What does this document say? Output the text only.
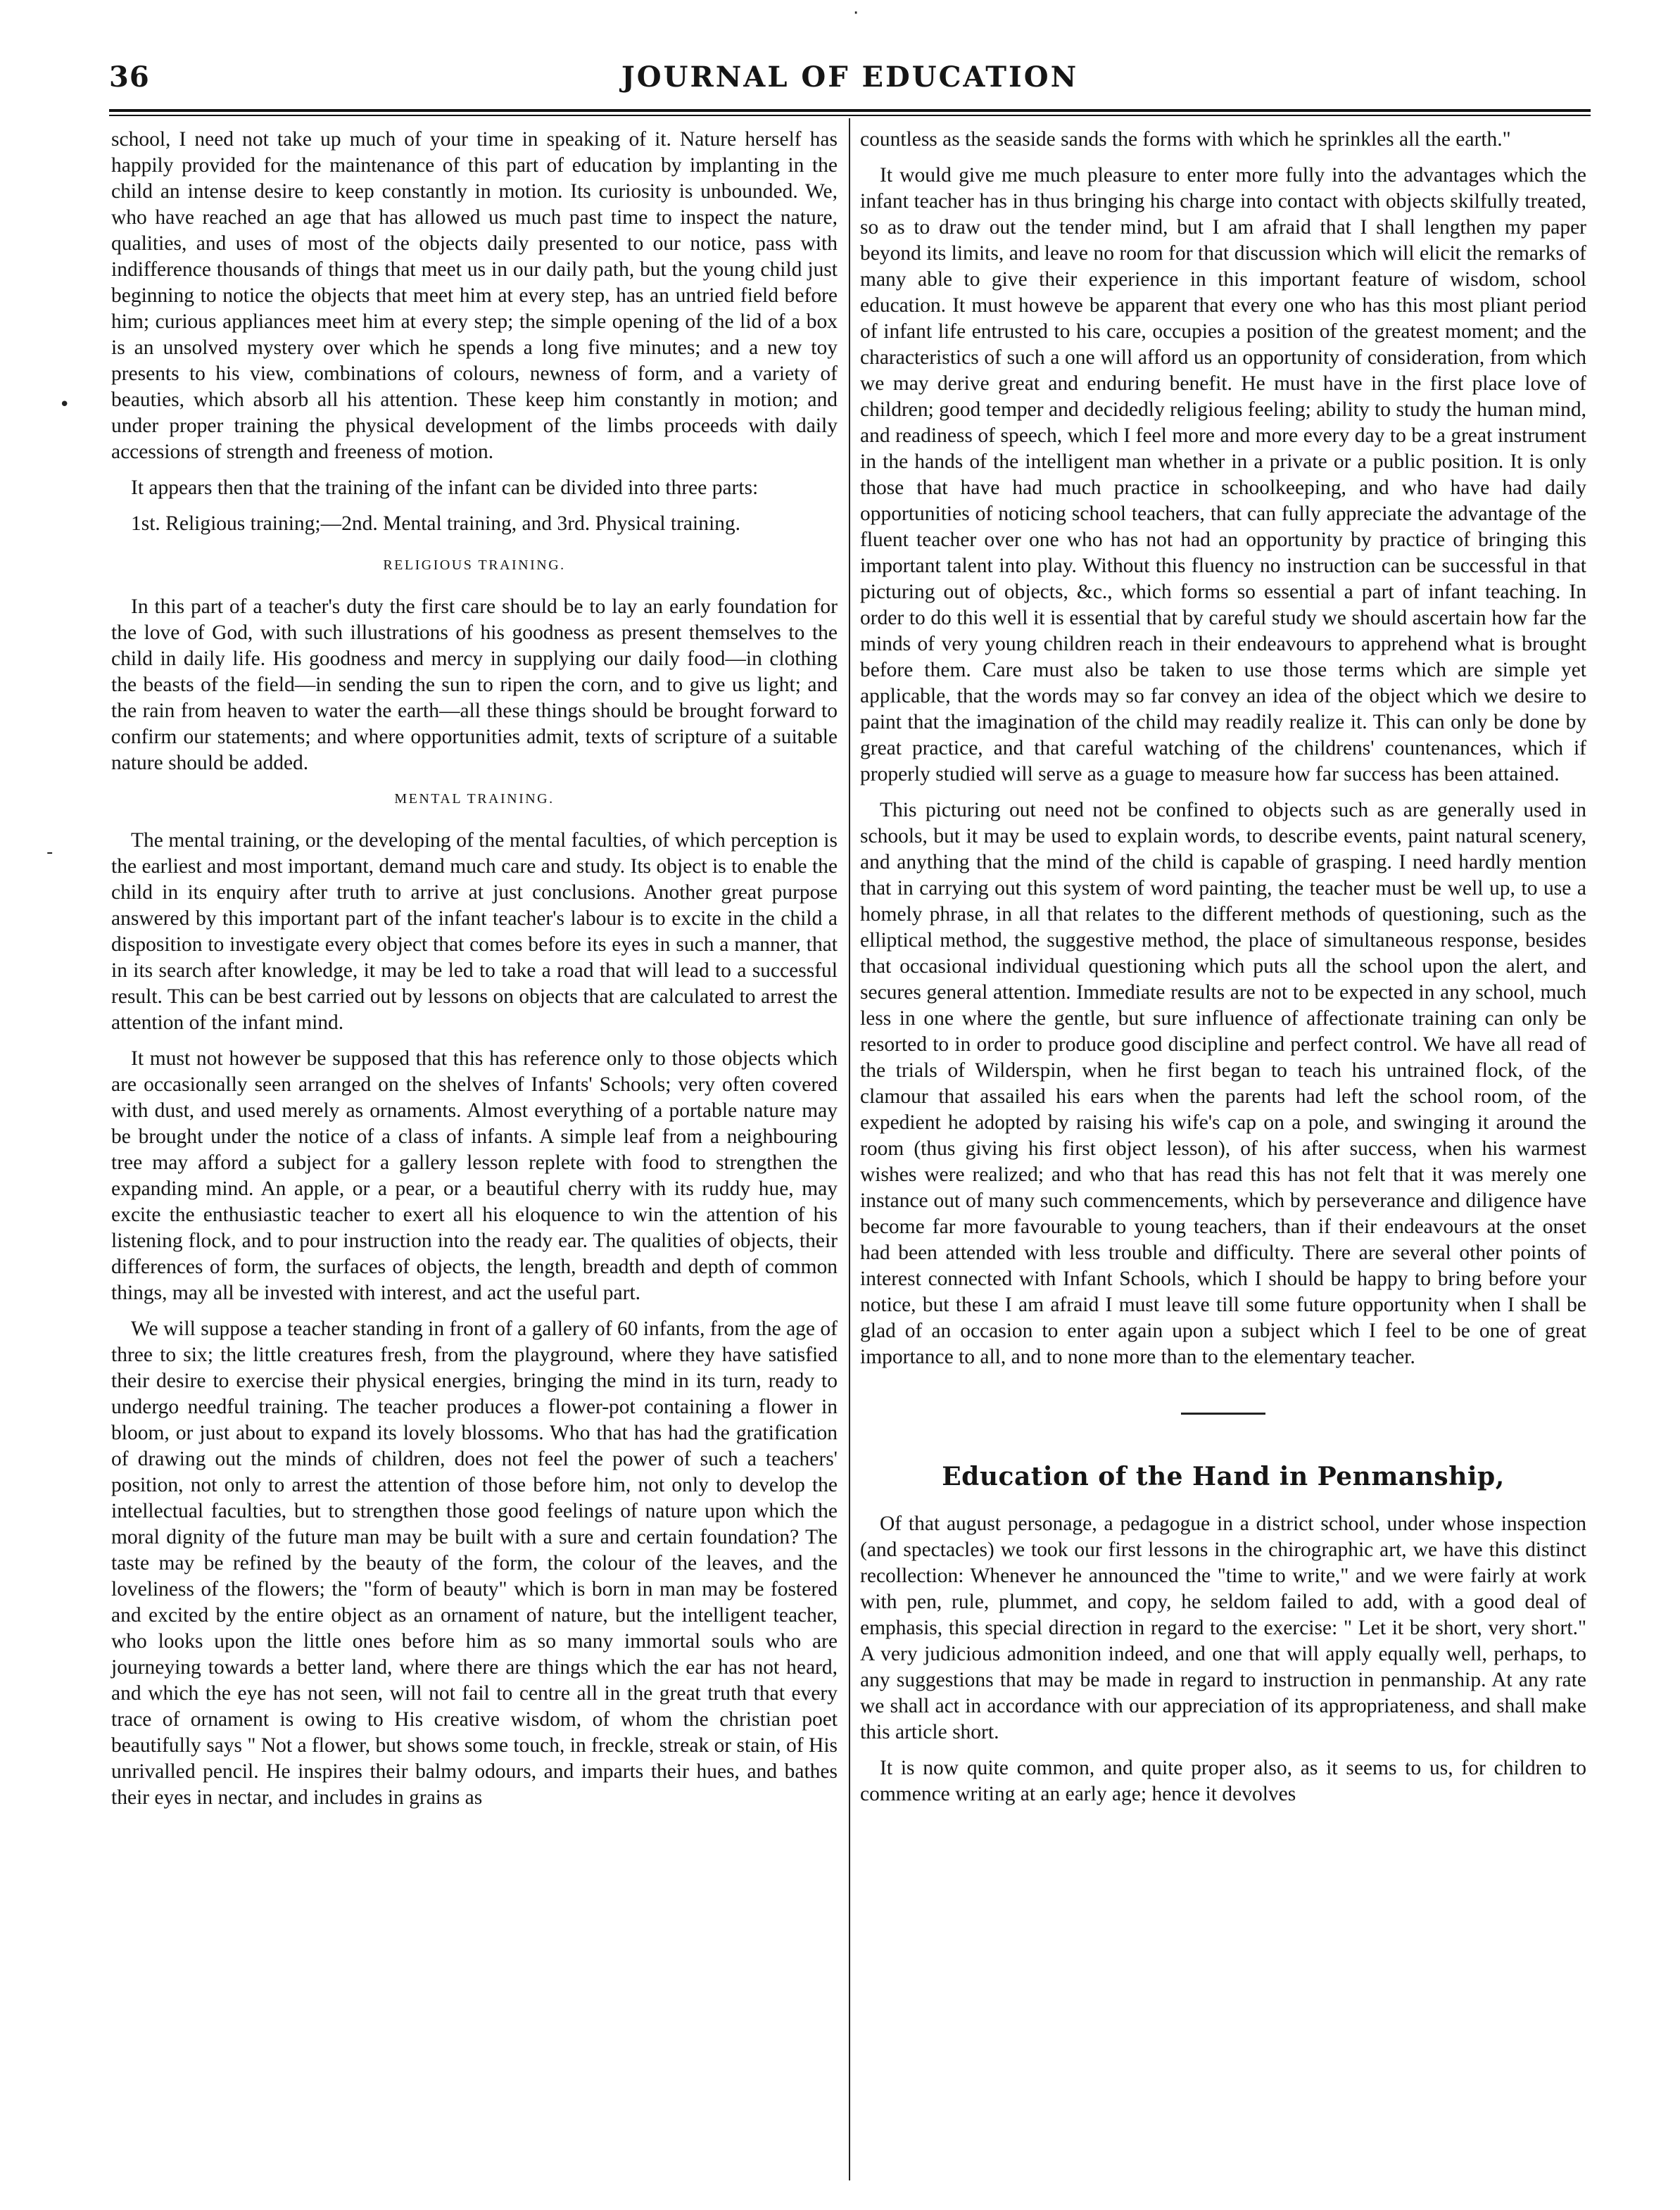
36	JOURNAL OF EDUCATION
·
•
-

school, I need not take up much of your time in speaking of it. Nature herself has happily provided for the maintenance of this part of education by implanting in the child an intense desire to keep constantly in motion. Its curiosity is unbounded. We, who have reached an age that has allowed us much past time to inspect the nature, qualities, and uses of most of the objects daily presented to our notice, pass with indifference thousands of things that meet us in our daily path, but the young child just beginning to notice the objects that meet him at every step, has an untried field before him; curious appliances meet him at every step; the simple opening of the lid of a box is an unsolved mystery over which he spends a long five minutes; and a new toy presents to his view, combinations of colours, newness of form, and a variety of beauties, which absorb all his attention. These keep him constantly in motion; and under proper training the physical development of the limbs proceeds with daily accessions of strength and freeness of motion.

It appears then that the training of the infant can be divided into three parts:

1st. Religious training;—2nd. Mental training, and 3rd. Physical training.

RELIGIOUS TRAINING.

In this part of a teacher's duty the first care should be to lay an early foundation for the love of God, with such illustrations of his goodness as present themselves to the child in daily life. His goodness and mercy in supplying our daily food—in clothing the beasts of the field—in sending the sun to ripen the corn, and to give us light; and the rain from heaven to water the earth—all these things should be brought forward to confirm our statements; and where opportunities admit, texts of scripture of a suitable nature should be added.

MENTAL TRAINING.

The mental training, or the developing of the mental faculties, of which perception is the earliest and most important, demand much care and study. Its object is to enable the child in its enquiry after truth to arrive at just conclusions. Another great purpose answered by this important part of the infant teacher's labour is to excite in the child a disposition to investigate every object that comes before its eyes in such a manner, that in its search after knowledge, it may be led to take a road that will lead to a successful result. This can be best carried out by lessons on objects that are calculated to arrest the attention of the infant mind.

It must not however be supposed that this has reference only to those objects which are occasionally seen arranged on the shelves of Infants' Schools; very often covered with dust, and used merely as ornaments. Almost everything of a portable nature may be brought under the notice of a class of infants. A simple leaf from a neighbouring tree may afford a subject for a gallery lesson replete with food to strengthen the expanding mind. An apple, or a pear, or a beautiful cherry with its ruddy hue, may excite the enthusiastic teacher to exert all his eloquence to win the attention of his listening flock, and to pour instruction into the ready ear. The qualities of objects, their differences of form, the surfaces of objects, the length, breadth and depth of common things, may all be invested with interest, and act the useful part.

We will suppose a teacher standing in front of a gallery of 60 infants, from the age of three to six; the little creatures fresh, from the playground, where they have satisfied their desire to exercise their physical energies, bringing the mind in its turn, ready to undergo needful training. The teacher produces a flower-pot containing a flower in bloom, or just about to expand its lovely blossoms. Who that has had the gratification of drawing out the minds of children, does not feel the power of such a teachers' position, not only to arrest the attention of those before him, not only to develop the intellectual faculties, but to strengthen those good feelings of nature upon which the moral dignity of the future man may be built with a sure and certain foundation? The taste may be refined by the beauty of the form, the colour of the leaves, and the loveliness of the flowers; the "form of beauty" which is born in man may be fostered and excited by the entire object as an ornament of nature, but the intelligent teacher, who looks upon the little ones before him as so many immortal souls who are journeying towards a better land, where there are things which the ear has not heard, and which the eye has not seen, will not fail to centre all in the great truth that every trace of ornament is owing to His creative wisdom, of whom the christian poet beautifully says " Not a flower, but shows some touch, in freckle, streak or stain, of His unrivalled pencil. He inspires their balmy odours, and imparts their hues, and bathes their eyes in nectar, and includes in grains as

countless as the seaside sands the forms with which he sprinkles all the earth."

It would give me much pleasure to enter more fully into the advantages which the infant teacher has in thus bringing his charge into contact with objects skilfully treated, so as to draw out the tender mind, but I am afraid that I shall lengthen my paper beyond its limits, and leave no room for that discussion which will elicit the remarks of many able to give their experience in this important feature of wisdom, school education. It must howeve be apparent that every one who has this most pliant period of infant life entrusted to his care, occupies a position of the greatest moment; and the characteristics of such a one will afford us an opportunity of consideration, from which we may derive great and enduring benefit. He must have in the first place love of children; good temper and decidedly religious feeling; ability to study the human mind, and readiness of speech, which I feel more and more every day to be a great instrument in the hands of the intelligent man whether in a private or a public position. It is only those that have had much practice in schoolkeeping, and who have had daily opportunities of noticing school teachers, that can fully appreciate the advantage of the fluent teacher over one who has not had an opportunity by practice of bringing this important talent into play. Without this fluency no instruction can be successful in that picturing out of objects, &c., which forms so essential a part of infant teaching. In order to do this well it is essential that by careful study we should ascertain how far the minds of very young children reach in their endeavours to apprehend what is brought before them. Care must also be taken to use those terms which are simple yet applicable, that the words may so far convey an idea of the object which we desire to paint that the imagination of the child may readily realize it. This can only be done by great practice, and that careful watching of the childrens' countenances, which if properly studied will serve as a guage to measure how far success has been attained.

This picturing out need not be confined to objects such as are generally used in schools, but it may be used to explain words, to describe events, paint natural scenery, and anything that the mind of the child is capable of grasping. I need hardly mention that in carrying out this system of word painting, the teacher must be well up, to use a homely phrase, in all that relates to the different methods of questioning, such as the elliptical method, the suggestive method, the place of simultaneous response, besides that occasional individual questioning which puts all the school upon the alert, and secures general attention. Immediate results are not to be expected in any school, much less in one where the gentle, but sure influence of affectionate training can only be resorted to in order to produce good discipline and perfect control. We have all read of the trials of Wilderspin, when he first began to teach his untrained flock, of the clamour that assailed his ears when the parents had left the school room, of the expedient he adopted by raising his wife's cap on a pole, and swinging it around the room (thus giving his first object lesson), of his after success, when his warmest wishes were realized; and who that has read this has not felt that it was merely one instance out of many such commencements, which by perseverance and diligence have become far more favourable to young teachers, than if their endeavours at the onset had been attended with less trouble and difficulty. There are several other points of interest connected with Infant Schools, which I should be happy to bring before your notice, but these I am afraid I must leave till some future opportunity when I shall be glad of an occasion to enter again upon a subject which I feel to be one of great importance to all, and to none more than to the elementary teacher.

Education of the Hand in Penmanship,

Of that august personage, a pedagogue in a district school, under whose inspection (and spectacles) we took our first lessons in the chirographic art, we have this distinct recollection: Whenever he announced the "time to write," and we were fairly at work with pen, rule, plummet, and copy, he seldom failed to add, with a good deal of emphasis, this special direction in regard to the exercise: " Let it be short, very short." A very judicious admonition indeed, and one that will apply equally well, perhaps, to any suggestions that may be made in regard to instruction in penmanship. At any rate we shall act in accordance with our appreciation of its appropriateness, and shall make this article short.

It is now quite common, and quite proper also, as it seems to us, for children to commence writing at an early age; hence it devolves
